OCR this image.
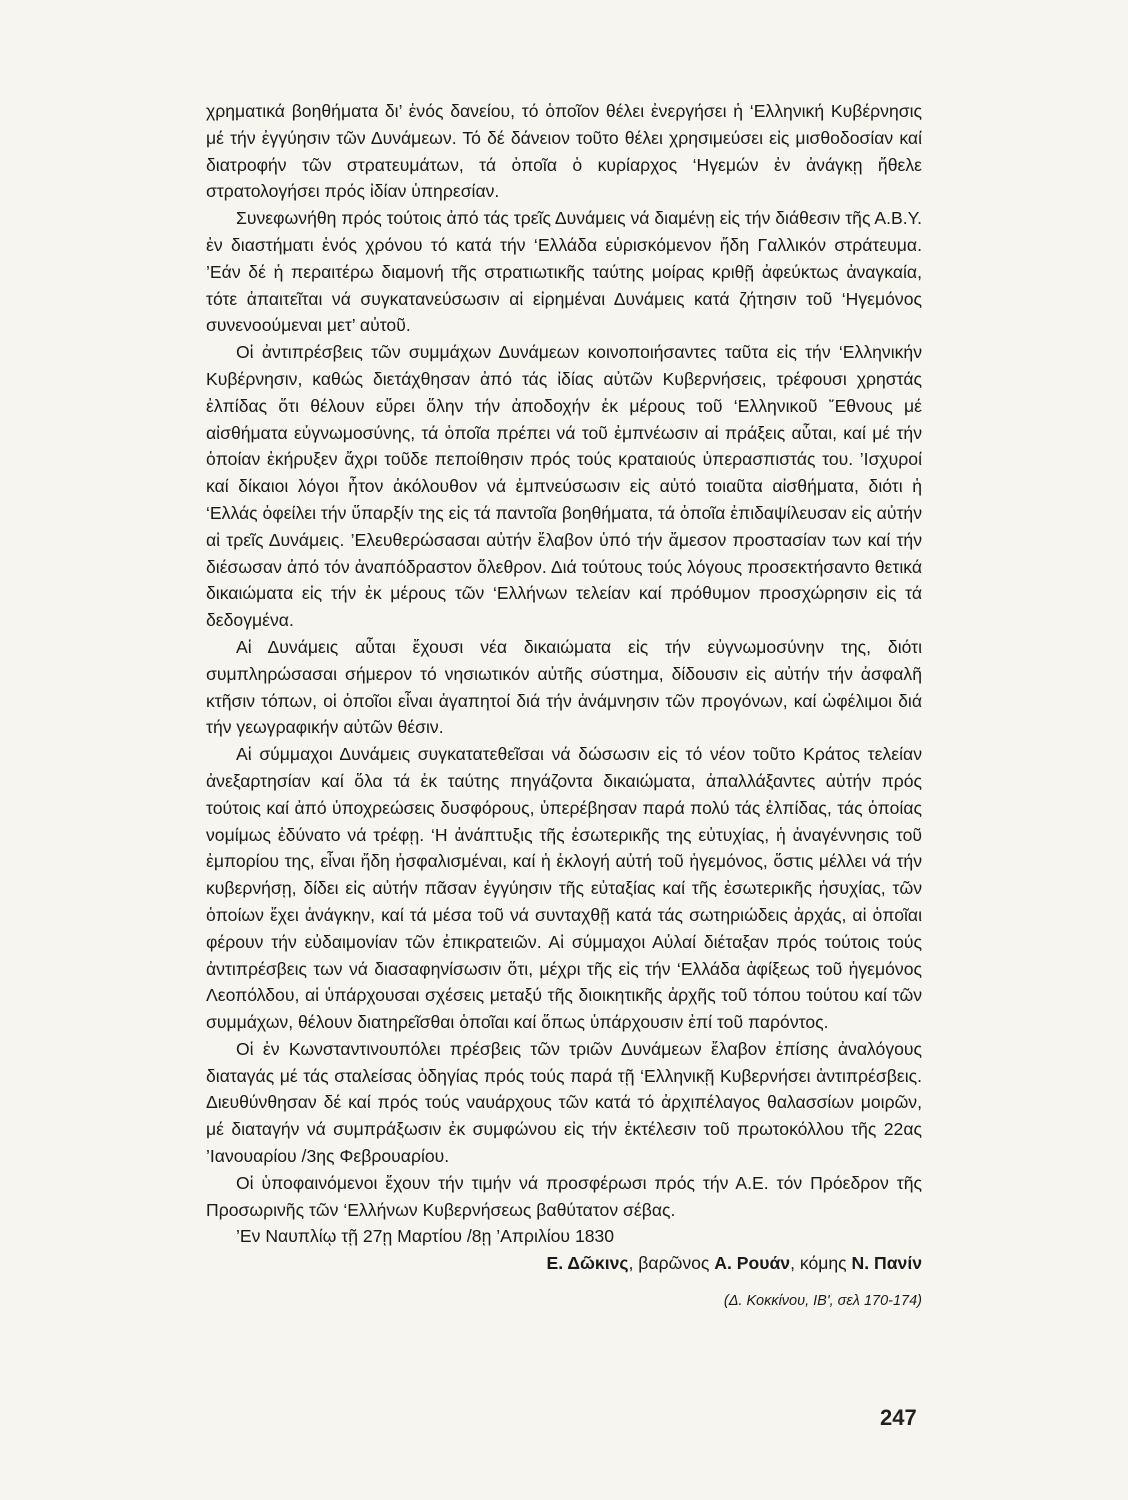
χρηματικά βοηθήματα δι’ ἑνός δανείου, τό ὁποῖον θέλει ἐνεργήσει ἡ ‘Ελληνική Κυβέρνησις μέ τήν ἐγγύησιν τῶν Δυνάμεων. Τό δέ δάνειον τοῦτο θέλει χρησιμεύσει εἰς μισθοδοσίαν καί διατροφήν τῶν στρατευμάτων, τά ὁποῖα ὁ κυρίαρχος ‘Ηγεμών ἐν ἀνάγκῃ ἤθελε στρατολογήσει πρός ἰδίαν ὑπηρεσίαν.

Συνεφωνήθη πρός τούτοις ἀπό τάς τρεῖς Δυνάμεις νά διαμένῃ εἰς τήν διάθεσιν τῆς Α.Β.Υ. ἐν διαστήματι ἑνός χρόνου τό κατά τήν ‘Ελλάδα εὑρισκόμενον ἤδη Γαλλικόν στράτευμα. ’Εάν δέ ἡ περαιτέρω διαμονή τῆς στρατιωτικῆς ταύτης μοίρας κριθῇ ἀφεύκτως ἀναγκαία, τότε ἀπαιτεῖται νά συγκατανεύσωσιν αἱ εἰρημέναι Δυνάμεις κατά ζήτησιν τοῦ ‘Ηγεμόνος συνενοούμεναι μετ’ αὐτοῦ.

Οἱ ἀντιπρέσβεις τῶν συμμάχων Δυνάμεων κοινοποιήσαντες ταῦτα εἰς τήν ‘Ελληνικήν Κυβέρνησιν, καθώς διετάχθησαν ἀπό τάς ἰδίας αὐτῶν Κυβερνήσεις, τρέφουσι χρηστάς ἐλπίδας ὅτι θέλουν εὕρει ὅλην τήν ἀποδοχήν ἐκ μέρους τοῦ ‘Ελληνικοῦ ῎Εθνους μέ αἰσθήματα εὐγνωμοσύνης, τά ὁποῖα πρέπει νά τοῦ ἐμπνέωσιν αἱ πράξεις αὗται, καί μέ τήν ὁποίαν ἐκήρυξεν ἄχρι τοῦδε πεποίθησιν πρός τούς κραταιούς ὑπερασπιστάς του. ’Ισχυροί καί δίκαιοι λόγοι ἦτον ἀκόλουθον νά ἐμπνεύσωσιν εἰς αὐτό τοιαῦτα αἰσθήματα, διότι ἡ ‘Ελλάς ὀφείλει τήν ὕπαρξίν της εἰς τά παντοῖα βοηθήματα, τά ὁποῖα ἐπιδαψίλευσαν εἰς αὐτήν αἱ τρεῖς Δυνάμεις. ’Ελευθερώσασαι αὐτήν ἔλαβον ὑπό τήν ἄμεσον προστασίαν των καί τήν διέσωσαν ἀπό τόν ἀναπόδραστον ὄλεθρον. Διά τούτους τούς λόγους προσεκτήσαντο θετικά δικαιώματα εἰς τήν ἐκ μέρους τῶν ‘Ελλήνων τελείαν καί πρόθυμον προσχώρησιν εἰς τά δεδογμένα.

Αἱ Δυνάμεις αὗται ἔχουσι νέα δικαιώματα εἰς τήν εὐγνωμοσύνην της, διότι συμπληρώσασαι σήμερον τό νησιωτικόν αὐτῆς σύστημα, δίδουσιν εἰς αὐτήν τήν ἀσφαλῆ κτῆσιν τόπων, οἱ ὁποῖοι εἶναι ἀγαπητοί διά τήν ἀνάμνησιν τῶν προγόνων, καί ὠφέλιμοι διά τήν γεωγραφικήν αὐτῶν θέσιν.

Αἱ σύμμαχοι Δυνάμεις συγκατατεθεῖσαι νά δώσωσιν εἰς τό νέον τοῦτο Κράτος τελείαν ἀνεξαρτησίαν καί ὅλα τά ἐκ ταύτης πηγάζοντα δικαιώματα, ἀπαλλάξαντες αὐτήν πρός τούτοις καί ἀπό ὑποχρεώσεις δυσφόρους, ὑπερέβησαν παρά πολύ τάς ἐλπίδας, τάς ὁποίας νομίμως ἐδύνατο νά τρέφῃ. ‘Η ἀνάπτυξις τῆς ἐσωτερικῆς της εὐτυχίας, ἡ ἀναγέννησις τοῦ ἐμπορίου της, εἶναι ἤδη ἠσφαλισμέναι, καί ἡ ἐκλογή αὐτή τοῦ ἡγεμόνος, ὅστις μέλλει νά τήν κυβερνήσῃ, δίδει εἰς αὐτήν πᾶσαν ἐγγύησιν τῆς εὐταξίας καί τῆς ἐσωτερικῆς ἡσυχίας, τῶν ὁποίων ἔχει ἀνάγκην, καί τά μέσα τοῦ νά συνταχθῇ κατά τάς σωτηριώδεις ἀρχάς, αἱ ὁποῖαι φέρουν τήν εὐδαιμονίαν τῶν ἐπικρατειῶν. Αἱ σύμμαχοι Αὐλαί διέταξαν πρός τούτοις τούς ἀντιπρέσβεις των νά διασαφηνίσωσιν ὅτι, μέχρι τῆς εἰς τήν ‘Ελλάδα ἀφίξεως τοῦ ἡγεμόνος Λεοπόλδου, αἱ ὑπάρχουσαι σχέσεις μεταξύ τῆς διοικητικῆς ἀρχῆς τοῦ τόπου τούτου καί τῶν συμμάχων, θέλουν διατηρεῖσθαι ὁποῖαι καί ὅπως ὑπάρχουσιν ἐπί τοῦ παρόντος.

Οἱ ἐν Κωνσταντινουπόλει πρέσβεις τῶν τριῶν Δυνάμεων ἔλαβον ἐπίσης ἀναλόγους διαταγάς μέ τάς σταλείσας ὁδηγίας πρός τούς παρά τῇ ‘Ελληνικῇ Κυβερνήσει ἀντιπρέσβεις. Διευθύνθησαν δέ καί πρός τούς ναυάρχους τῶν κατά τό ἀρχιπέλαγος θαλασσίων μοιρῶν, μέ διαταγήν νά συμπράξωσιν ἐκ συμφώνου εἰς τήν ἐκτέλεσιν τοῦ πρωτοκόλλου τῆς 22ας ’Ιανουαρίου /3ης Φεβρουαρίου.

Οἱ ὑποφαινόμενοι ἔχουν τήν τιμήν νά προσφέρωσι πρός τήν Α.Ε. τόν Πρόεδρον τῆς Προσωρινῆς τῶν ‘Ελλήνων Κυβερνήσεως βαθύτατον σέβας.

’Εν Ναυπλίῳ τῇ 27ῃ Μαρτίου /8ῃ ’Απριλίου 1830

Ε. Δῶκινς, βαρῶνος Α. Ρουάν, κόμης Ν. Πανίν

(Δ. Κοκκίνου, ΙΒ', σελ 170-174)
247
